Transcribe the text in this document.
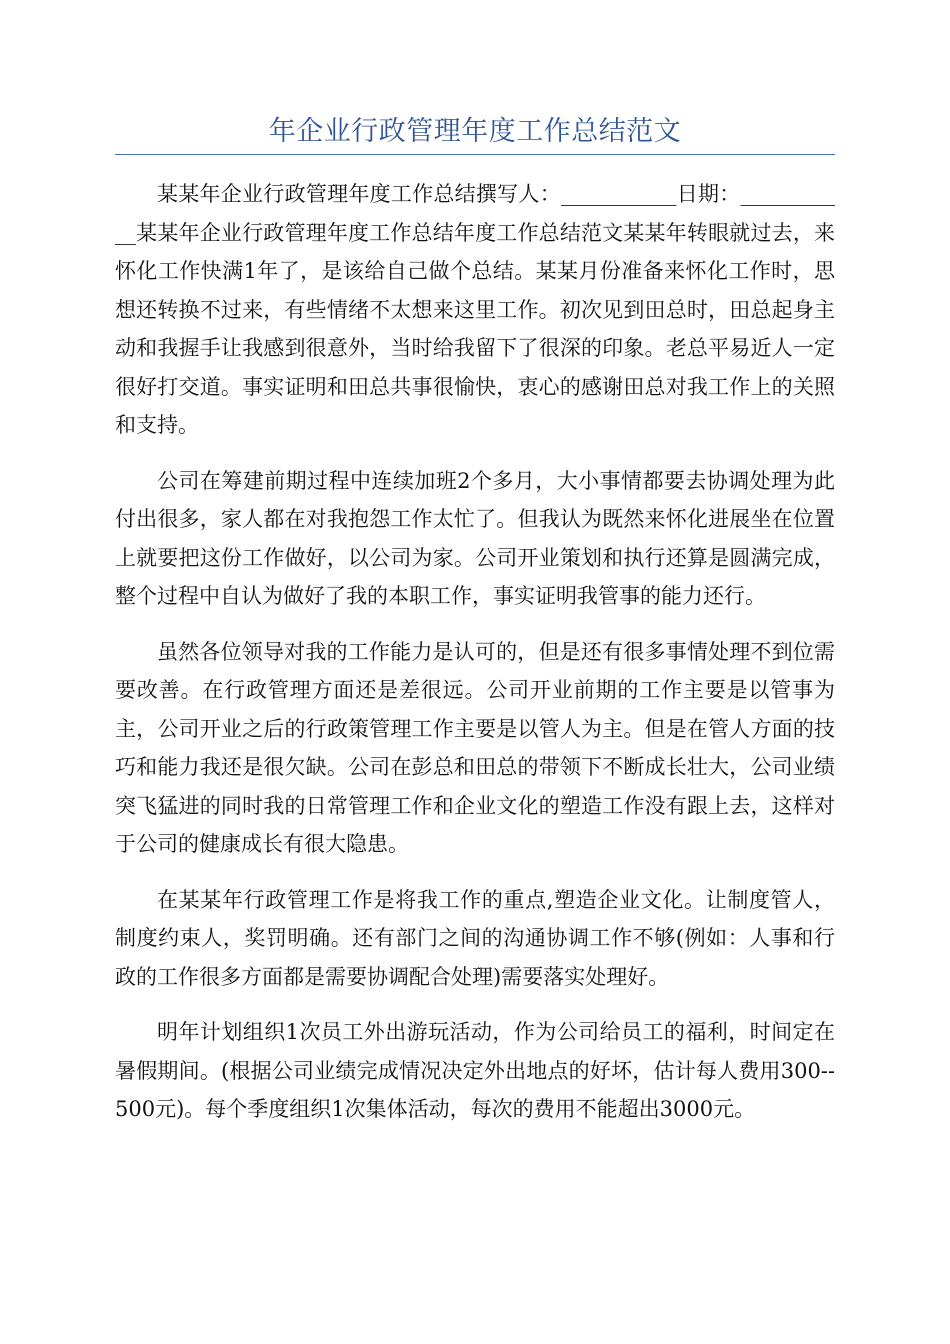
年企业行政管理年度工作总结范文

某某年企业行政管理年度工作总结撰写人：___________日期：___________某某年企业行政管理年度工作总结年度工作总结范文某某年转眼就过去，来怀化工作快满1年了，是该给自己做个总结。某某月份准备来怀化工作时，思想还转换不过来，有些情绪不太想来这里工作。初次见到田总时，田总起身主动和我握手让我感到很意外，当时给我留下了很深的印象。老总平易近人一定很好打交道。事实证明和田总共事很愉快，衷心的感谢田总对我工作上的关照和支持。

公司在筹建前期过程中连续加班2个多月，大小事情都要去协调处理为此付出很多，家人都在对我抱怨工作太忙了。但我认为既然来怀化进展坐在位置上就要把这份工作做好，以公司为家。公司开业策划和执行还算是圆满完成，整个过程中自认为做好了我的本职工作，事实证明我管事的能力还行。

虽然各位领导对我的工作能力是认可的，但是还有很多事情处理不到位需要改善。在行政管理方面还是差很远。公司开业前期的工作主要是以管事为主，公司开业之后的行政策管理工作主要是以管人为主。但是在管人方面的技巧和能力我还是很欠缺。公司在彭总和田总的带领下不断成长壮大，公司业绩突飞猛进的同时我的日常管理工作和企业文化的塑造工作没有跟上去，这样对于公司的健康成长有很大隐患。

在某某年行政管理工作是将我工作的重点,塑造企业文化。让制度管人，制度约束人，奖罚明确。还有部门之间的沟通协调工作不够(例如：人事和行政的工作很多方面都是需要协调配合处理)需要落实处理好。

明年计划组织1次员工外出游玩活动，作为公司给员工的福利，时间定在暑假期间。(根据公司业绩完成情况决定外出地点的好坏，估计每人费用300--500元)。每个季度组织1次集体活动，每次的费用不能超出3000元。
